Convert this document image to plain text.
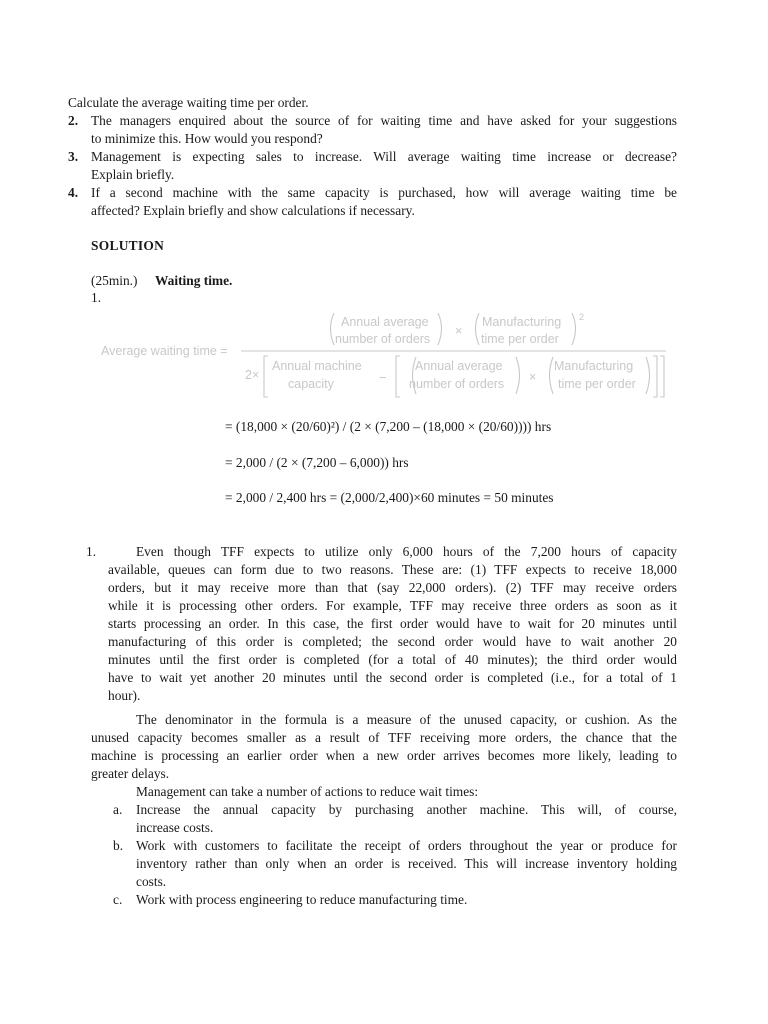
Calculate the average waiting time per order.
2. The managers enquired about the source of for waiting time and have asked for your suggestions
to minimize this. How would you respond?
3. Management is expecting sales to increase. Will average waiting time increase or decrease?
Explain briefly.
4. If a second machine with the same capacity is purchased, how will average waiting time be
affected? Explain briefly and show calculations if necessary.
SOLUTION
(25min.) Waiting time.
1.
Average waiting time =
Annual average
number of orders
×
Manufacturing
time per order
2
2×
Annual machine
capacity	−
Annual average
number of orders ×
Manufacturing
time per order
= (18,000 × (20/60)²) / (2 × (7,200 – (18,000 × (20/60)))) hrs
= 2,000 / (2 × (7,200 – 6,000)) hrs
= 2,000 / 2,400 hrs = (2,000/2,400)×60 minutes = 50 minutes
1.	Even though TFF expects to utilize only 6,000 hours of the 7,200 hours of capacity
available, queues can form due to two reasons. These are: (1) TFF expects to receive 18,000
orders, but it may receive more than that (say 22,000 orders). (2) TFF may receive orders
while it is processing other orders. For example, TFF may receive three orders as soon as it
starts processing an order. In this case, the first order would have to wait for 20 minutes until
manufacturing of this order is completed; the second order would have to wait another 20
minutes until the first order is completed (for a total of 40 minutes); the third order would
have to wait yet another 20 minutes until the second order is completed (i.e., for a total of 1
hour).
The denominator in the formula is a measure of the unused capacity, or cushion. As the
unused capacity becomes smaller as a result of TFF receiving more orders, the chance that the
machine is processing an earlier order when a new order arrives becomes more likely, leading to
greater delays.
Management can take a number of actions to reduce wait times:
a. Increase the annual capacity by purchasing another machine. This will, of course,
increase costs.
b. Work with customers to facilitate the receipt of orders throughout the year or produce for
inventory rather than only when an order is received. This will increase inventory holding
costs.
c. Work with process engineering to reduce manufacturing time.
